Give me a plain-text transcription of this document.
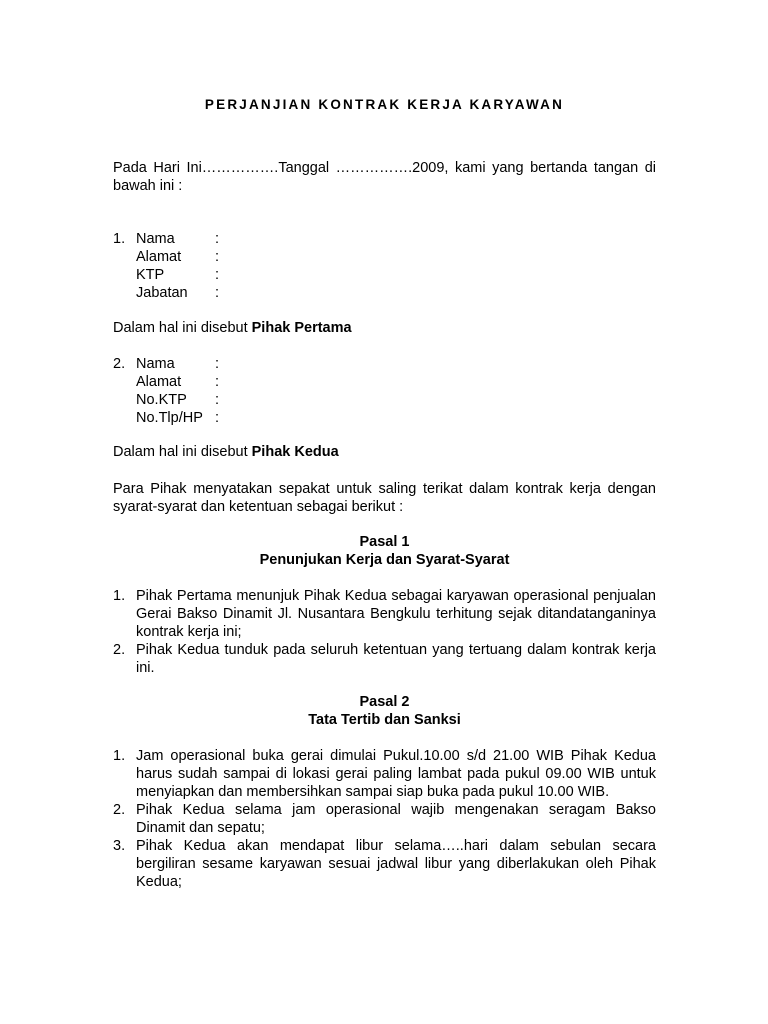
PERJANJIAN KONTRAK KERJA KARYAWAN
Pada Hari Ini…………….Tanggal …………….2009, kami yang bertanda tangan di bawah ini :
1. Nama	:
Alamat :
KTP	:
Jabatan :
Dalam hal ini disebut Pihak Pertama
2. Nama	:
Alamat :
No.KTP :
No.Tlp/HP :
Dalam hal ini disebut Pihak Kedua
Para Pihak menyatakan sepakat untuk saling terikat dalam kontrak kerja dengan syarat-syarat dan ketentuan sebagai berikut :
Pasal 1
Penunjukan Kerja dan Syarat-Syarat
1. Pihak Pertama menunjuk Pihak Kedua sebagai karyawan operasional penjualan Gerai Bakso Dinamit Jl. Nusantara Bengkulu terhitung sejak ditandatanganinya kontrak kerja ini;
2. Pihak Kedua tunduk pada seluruh ketentuan yang tertuang dalam kontrak kerja ini.
Pasal 2
Tata Tertib dan Sanksi
1. Jam operasional buka gerai dimulai Pukul.10.00 s/d 21.00 WIB Pihak Kedua harus sudah sampai di lokasi gerai paling lambat pada pukul 09.00 WIB untuk menyiapkan dan membersihkan sampai siap buka pada pukul 10.00 WIB.
2. Pihak Kedua selama jam operasional wajib mengenakan seragam Bakso Dinamit dan sepatu;
3. Pihak Kedua akan mendapat libur selama…..hari dalam sebulan secara bergiliran sesame karyawan sesuai jadwal libur yang diberlakukan oleh Pihak Kedua;
